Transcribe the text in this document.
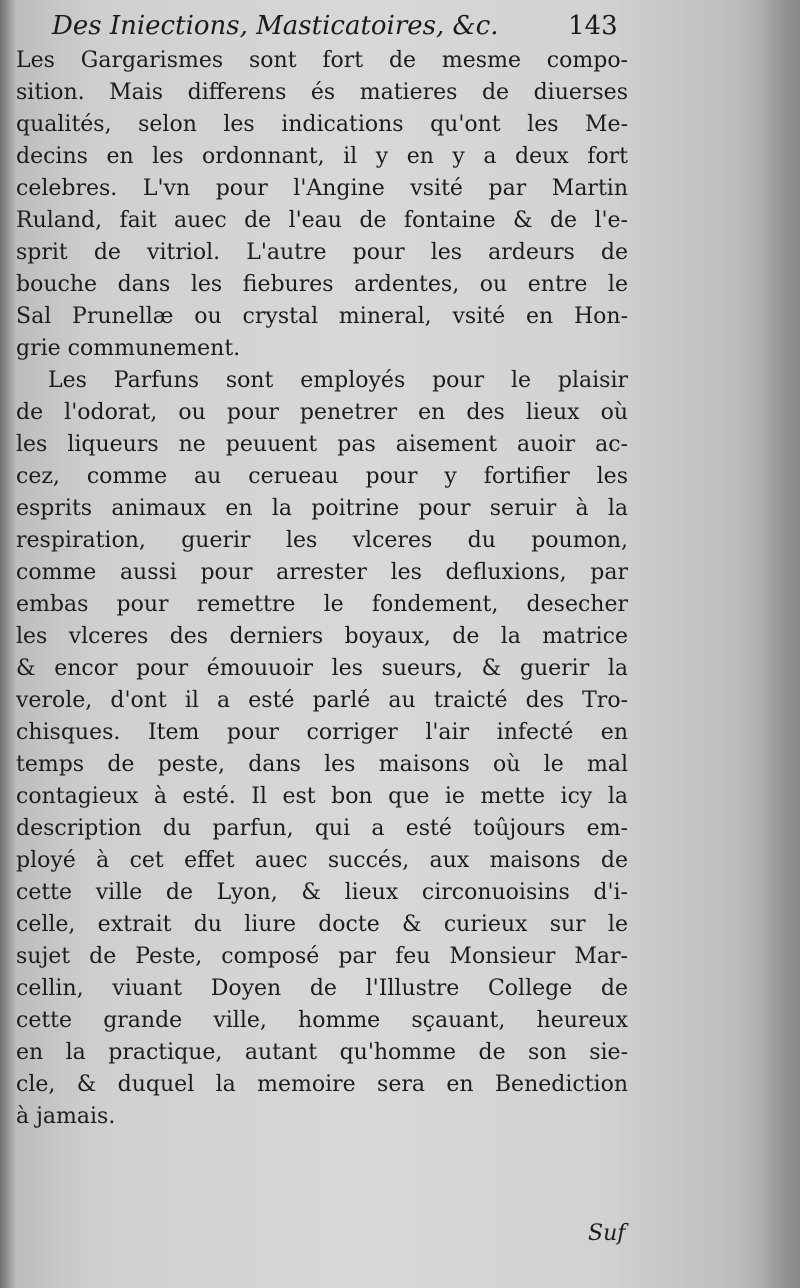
Des Iniections, Masticatoires, &c.	143
Les Gargarismes sont fort de mesme compo-
sition. Mais differens és matieres de diuerses
qualités, selon les indications qu'ont les Me-
decins en les ordonnant, il y en y a deux fort
celebres. L'vn pour l'Angine vsité par Martin
Ruland, fait auec de l'eau de fontaine & de l'e-
sprit de vitriol. L'autre pour les ardeurs de
bouche dans les fiebures ardentes, ou entre le
Sal Prunellæ ou crystal mineral, vsité en Hon-
grie communement.
Les Parfuns sont employés pour le plaisir
de l'odorat, ou pour penetrer en des lieux où
les liqueurs ne peuuent pas aisement auoir ac-
cez, comme au cerueau pour y fortifier les
esprits animaux en la poitrine pour seruir à la
respiration, guerir les vlceres du poumon,
comme aussi pour arrester les defluxions, par
embas pour remettre le fondement, desecher
les vlceres des derniers boyaux, de la matrice
& encor pour émouuoir les sueurs, & guerir la
verole, d'ont il a esté parlé au traicté des Tro-
chisques. Item pour corriger l'air infecté en
temps de peste, dans les maisons où le mal
contagieux à esté. Il est bon que ie mette icy la
description du parfun, qui a esté toûjours em-
ployé à cet effet auec succés, aux maisons de
cette ville de Lyon, & lieux circonuoisins d'i-
celle, extrait du liure docte & curieux sur le
sujet de Peste, composé par feu Monsieur Mar-
cellin, viuant Doyen de l'Illustre College de
cette grande ville, homme sçauant, heureux
en la practique, autant qu'homme de son sie-
cle, & duquel la memoire sera en Benediction
à jamais.
Suf
